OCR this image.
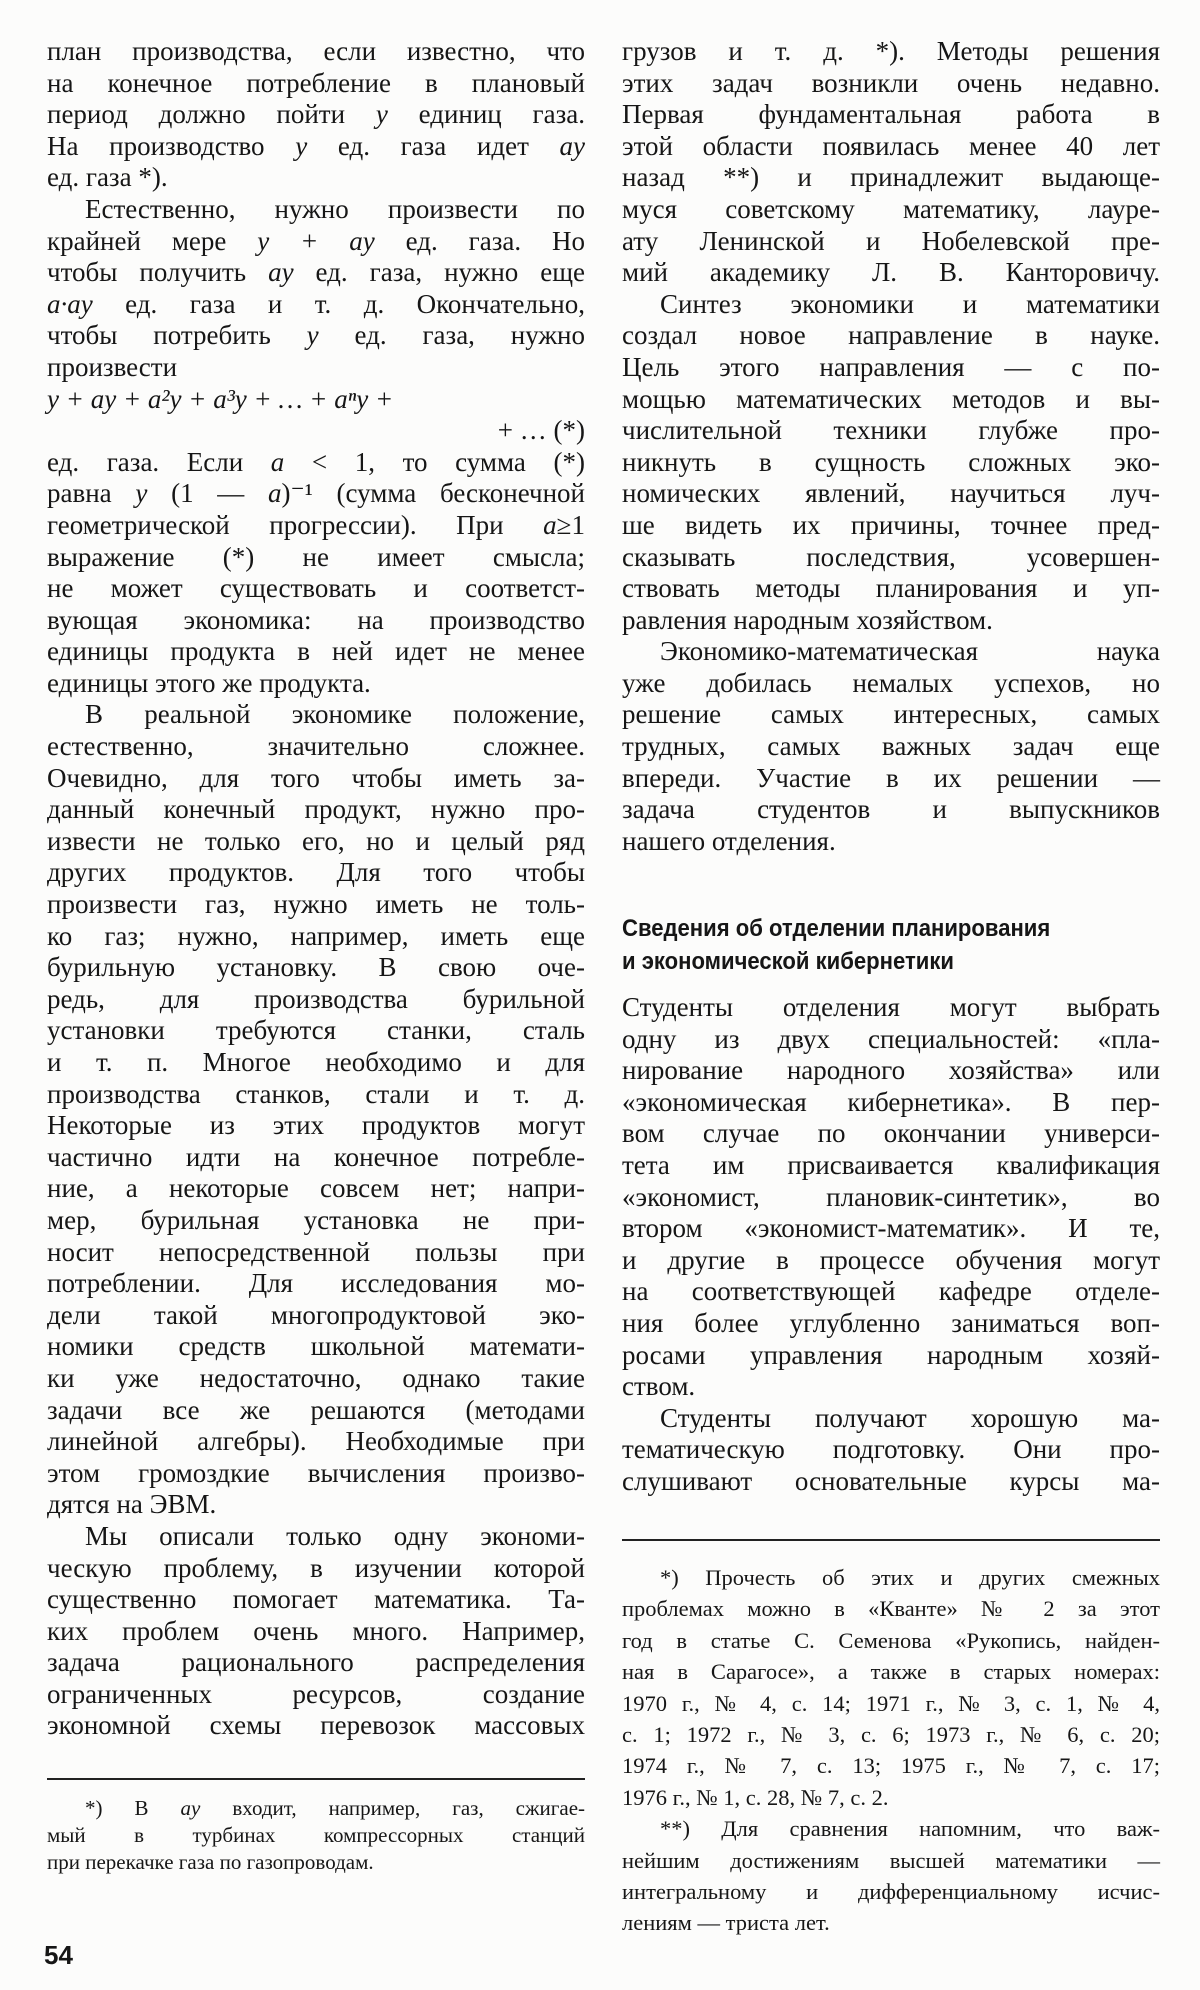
план производства, если известно, что
на конечное потребление в плановый
период должно пойти y единиц газа.
На производство y ед. газа идет ay
ед. газа *).
Естественно, нужно произвести по
крайней мере y + ay ед. газа. Но
чтобы получить ay ед. газа, нужно еще
a·ay ед. газа и т. д. Окончательно,
чтобы потребить y ед. газа, нужно
произвести
y + ay + a²y + a³y + … + aⁿy +
+ … (*)
ед. газа. Если a < 1, то сумма (*)
равна y (1 — a)⁻¹ (сумма бесконечной
геометрической прогрессии). При a≥1
выражение (*) не имеет смысла;
не может существовать и соответст-
вующая экономика: на производство
единицы продукта в ней идет не менее
единицы этого же продукта.
В реальной экономике положение,
естественно, значительно сложнее.
Очевидно, для того чтобы иметь за-
данный конечный продукт, нужно про-
извести не только его, но и целый ряд
других продуктов. Для того чтобы
произвести газ, нужно иметь не толь-
ко газ; нужно, например, иметь еще
бурильную установку. В свою оче-
редь, для производства бурильной
установки требуются станки, сталь
и т. п. Многое необходимо и для
производства станков, стали и т. д.
Некоторые из этих продуктов могут
частично идти на конечное потребле-
ние, а некоторые совсем нет; напри-
мер, бурильная установка не при-
носит непосредственной пользы при
потреблении. Для исследования мо-
дели такой многопродуктовой эко-
номики средств школьной математи-
ки уже недостаточно, однако такие
задачи все же решаются (методами
линейной алгебры). Необходимые при
этом громоздкие вычисления произво-
дятся на ЭВМ.
Мы описали только одну экономи-
ческую проблему, в изучении которой
существенно помогает математика. Та-
ких проблем очень много. Например,
задача рационального распределения
ограниченных ресурсов, создание
экономной схемы перевозок массовых
*) В ay входит, например, газ, сжигае-
мый в турбинах компрессорных станций
при перекачке газа по газопроводам.
грузов и т. д. *). Методы решения
этих задач возникли очень недавно.
Первая фундаментальная работа в
этой области появилась менее 40 лет
назад **) и принадлежит выдающе-
муся советскому математику, лауре-
ату Ленинской и Нобелевской пре-
мий академику Л. В. Канторовичу.
Синтез экономики и математики
создал новое направление в науке.
Цель этого направления — с по-
мощью математических методов и вы-
числительной техники глубже про-
никнуть в сущность сложных эко-
номических явлений, научиться луч-
ше видеть их причины, точнее пред-
сказывать последствия, усовершен-
ствовать методы планирования и уп-
равления народным хозяйством.
Экономико-математическая наука
уже добилась немалых успехов, но
решение самых интересных, самых
трудных, самых важных задач еще
впереди. Участие в их решении —
задача студентов и выпускников
нашего отделения.
Сведения об отделении планирования
и экономической кибернетики
Студенты отделения могут выбрать
одну из двух специальностей: «пла-
нирование народного хозяйства» или
«экономическая кибернетика». В пер-
вом случае по окончании универси-
тета им присваивается квалификация
«экономист, плановик-синтетик», во
втором «экономист-математик». И те,
и другие в процессе обучения могут
на соответствующей кафедре отделе-
ния более углубленно заниматься воп-
росами управления народным хозяй-
ством.
Студенты получают хорошую ма-
тематическую подготовку. Они про-
слушивают основательные курсы ма-
*) Прочесть об этих и других смежных
проблемах можно в «Кванте» № 2 за этот
год в статье С. Семенова «Рукопись, найден-
ная в Сарагосе», а также в старых номерах:
1970 г., № 4, с. 14; 1971 г., № 3, с. 1, № 4,
с. 1; 1972 г., № 3, с. 6; 1973 г., № 6, с. 20;
1974 г., № 7, с. 13; 1975 г., № 7, с. 17;
1976 г., № 1, с. 28, № 7, с. 2.
**) Для сравнения напомним, что важ-
нейшим достижениям высшей математики —
интегральному и дифференциальному исчис-
лениям — триста лет.
54
